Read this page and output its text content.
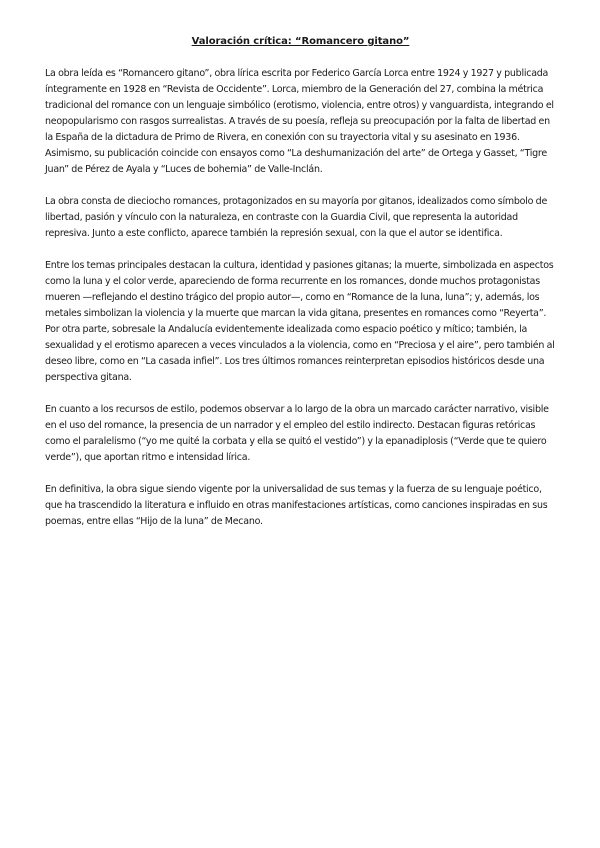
Valoración crítica: “Romancero gitano”

La obra leída es “Romancero gitano”, obra lírica escrita por Federico García Lorca entre 1924 y 1927 y publicada íntegramente en 1928 en “Revista de Occidente”. Lorca, miembro de la Generación del 27, combina la métrica tradicional del romance con un lenguaje simbólico (erotismo, violencia, entre otros) y vanguardista, integrando el neopopularismo con rasgos surrealistas. A través de su poesía, refleja su preocupación por la falta de libertad en la España de la dictadura de Primo de Rivera, en conexión con su trayectoria vital y su asesinato en 1936. Asimismo, su publicación coincide con ensayos como “La deshumanización del arte” de Ortega y Gasset, “Tigre Juan” de Pérez de Ayala y “Luces de bohemia” de Valle-Inclán.

La obra consta de dieciocho romances, protagonizados en su mayoría por gitanos, idealizados como símbolo de libertad, pasión y vínculo con la naturaleza, en contraste con la Guardia Civil, que representa la autoridad represiva. Junto a este conflicto, aparece también la represión sexual, con la que el autor se identifica.

Entre los temas principales destacan la cultura, identidad y pasiones gitanas; la muerte, simbolizada en aspectos como la luna y el color verde, apareciendo de forma recurrente en los romances, donde muchos protagonistas mueren —reflejando el destino trágico del propio autor—, como en “Romance de la luna, luna”; y, además, los metales simbolizan la violencia y la muerte que marcan la vida gitana, presentes en romances como “Reyerta”. Por otra parte, sobresale la Andalucía evidentemente idealizada como espacio poético y mítico; también, la sexualidad y el erotismo aparecen a veces vinculados a la violencia, como en “Preciosa y el aire”, pero también al deseo libre, como en “La casada infiel”. Los tres últimos romances reinterpretan episodios históricos desde una perspectiva gitana.

En cuanto a los recursos de estilo, podemos observar a lo largo de la obra un marcado carácter narrativo, visible en el uso del romance, la presencia de un narrador y el empleo del estilo indirecto. Destacan figuras retóricas como el paralelismo (“yo me quité la corbata y ella se quitó el vestido”) y la epanadiplosis (“Verde que te quiero verde”), que aportan ritmo e intensidad lírica.

En definitiva, la obra sigue siendo vigente por la universalidad de sus temas y la fuerza de su lenguaje poético, que ha trascendido la literatura e influido en otras manifestaciones artísticas, como canciones inspiradas en sus poemas, entre ellas “Hijo de la luna” de Mecano.
